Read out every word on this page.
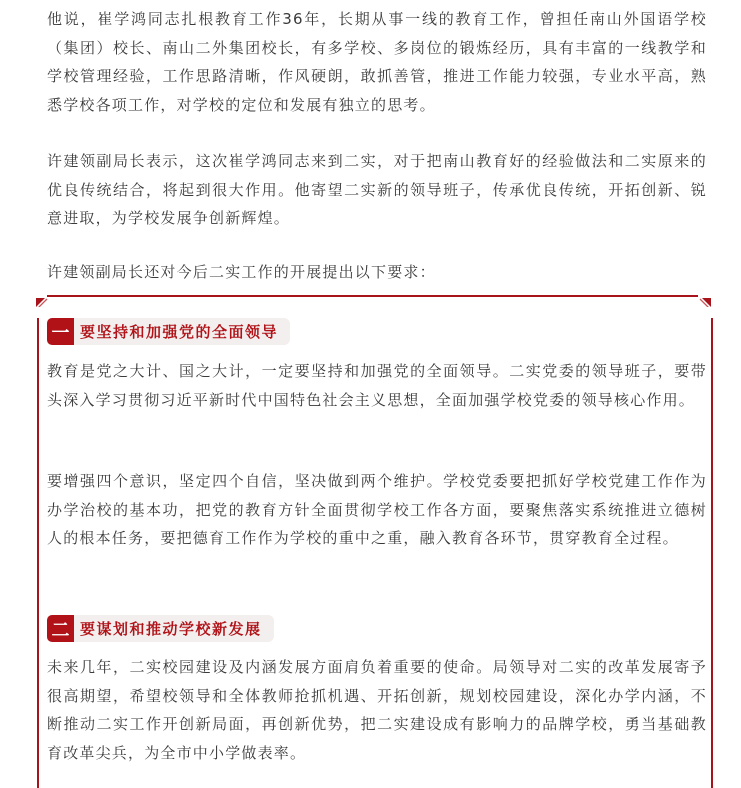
他说，崔学鸿同志扎根教育工作36年，长期从事一线的教育工作，曾担任南山外国语学校（集团）校长、南山二外集团校长，有多学校、多岗位的锻炼经历，具有丰富的一线教学和学校管理经验，工作思路清晰，作风硬朗，敢抓善管，推进工作能力较强，专业水平高，熟悉学校各项工作，对学校的定位和发展有独立的思考。

许建领副局长表示，这次崔学鸿同志来到二实，对于把南山教育好的经验做法和二实原来的优良传统结合，将起到很大作用。他寄望二实新的领导班子，传承优良传统，开拓创新、锐意进取，为学校发展争创新辉煌。

许建领副局长还对今后二实工作的开展提出以下要求：

一 要坚持和加强党的全面领导

教育是党之大计、国之大计，一定要坚持和加强党的全面领导。二实党委的领导班子，要带头深入学习贯彻习近平新时代中国特色社会主义思想，全面加强学校党委的领导核心作用。

要增强四个意识，坚定四个自信，坚决做到两个维护。学校党委要把抓好学校党建工作作为办学治校的基本功，把党的教育方针全面贯彻学校工作各方面，要聚焦落实系统推进立德树人的根本任务，要把德育工作作为学校的重中之重，融入教育各环节，贯穿教育全过程。

二 要谋划和推动学校新发展

未来几年，二实校园建设及内涵发展方面肩负着重要的使命。局领导对二实的改革发展寄予很高期望，希望校领导和全体教师抢抓机遇、开拓创新，规划校园建设，深化办学内涵，不断推动二实工作开创新局面，再创新优势，把二实建设成有影响力的品牌学校，勇当基础教育改革尖兵，为全市中小学做表率。
